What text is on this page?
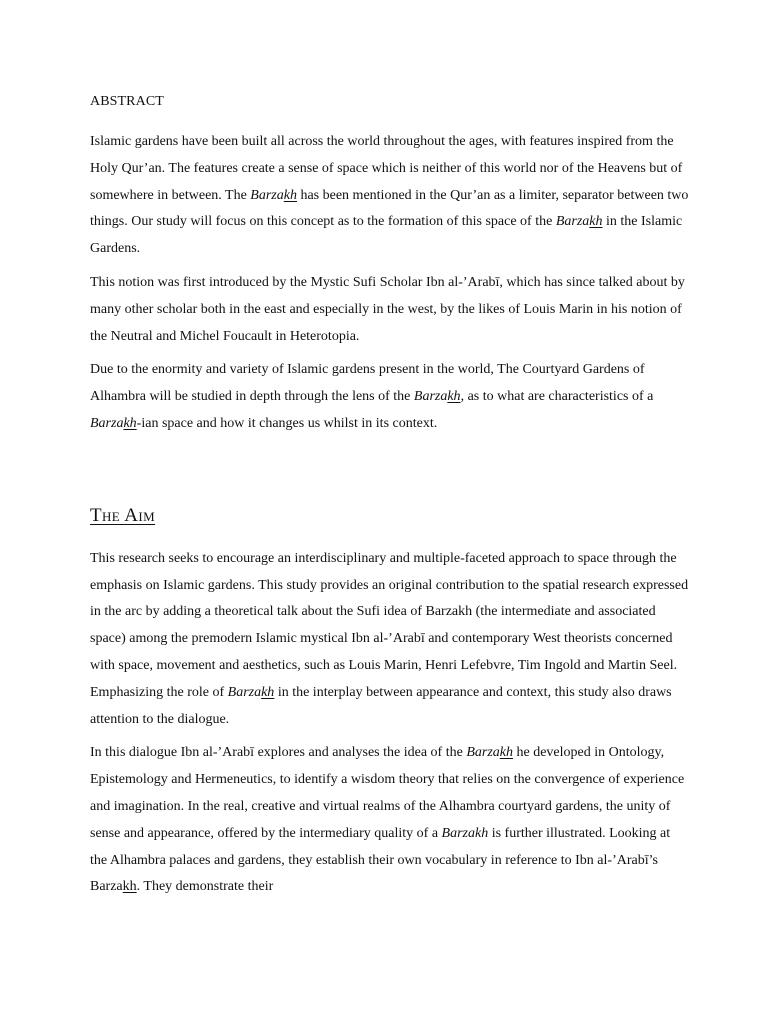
ABSTRACT

Islamic gardens have been built all across the world throughout the ages, with features inspired from the Holy Qur’an. The features create a sense of space which is neither of this world nor of the Heavens but of somewhere in between. The Barzakh has been mentioned in the Qur’an as a limiter, separator between two things. Our study will focus on this concept as to the formation of this space of the Barzakh in the Islamic Gardens.

This notion was first introduced by the Mystic Sufi Scholar Ibn al-’Arabī, which has since talked about by many other scholar both in the east and especially in the west, by the likes of Louis Marin in his notion of the Neutral and Michel Foucault in Heterotopia.

Due to the enormity and variety of Islamic gardens present in the world, The Courtyard Gardens of Alhambra will be studied in depth through the lens of the Barzakh, as to what are characteristics of a Barzakh-ian space and how it changes us whilst in its context.

The Aim

This research seeks to encourage an interdisciplinary and multiple-faceted approach to space through the emphasis on Islamic gardens. This study provides an original contribution to the spatial research expressed in the arc by adding a theoretical talk about the Sufi idea of Barzakh (the intermediate and associated space) among the premodern Islamic mystical Ibn al-’Arabī and contemporary West theorists concerned with space, movement and aesthetics, such as Louis Marin, Henri Lefebvre, Tim Ingold and Martin Seel. Emphasizing the role of Barzakh in the interplay between appearance and context, this study also draws attention to the dialogue.

In this dialogue Ibn al-’Arabī explores and analyses the idea of the Barzakh he developed in Ontology, Epistemology and Hermeneutics, to identify a wisdom theory that relies on the convergence of experience and imagination. In the real, creative and virtual realms of the Alhambra courtyard gardens, the unity of sense and appearance, offered by the intermediary quality of a Barzakh is further illustrated. Looking at the Alhambra palaces and gardens, they establish their own vocabulary in reference to Ibn al-’Arabī’s Barzakh. They demonstrate their
